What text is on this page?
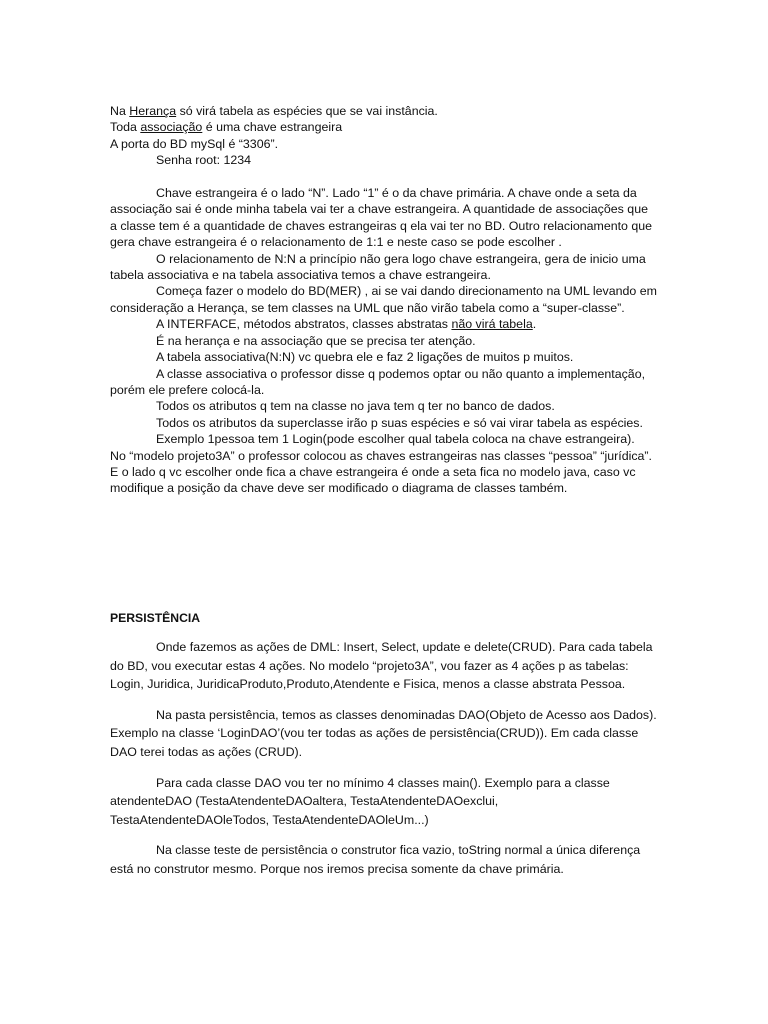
Na Herança só virá tabela as espécies que se vai instância.
Toda associação é uma chave estrangeira
A porta do BD mySql é “3306”.
Senha root: 1234

Chave estrangeira é o lado “N”. Lado “1” é o da chave primária. A chave onde a seta da associação sai é onde minha tabela vai ter a chave estrangeira. A quantidade de associações que a classe tem é a quantidade de chaves estrangeiras q ela vai ter no BD. Outro relacionamento que gera chave estrangeira é o relacionamento de 1:1 e neste caso se pode escolher .

O relacionamento de N:N a princípio não gera logo chave estrangeira, gera de inicio uma tabela associativa e na tabela associativa temos a chave estrangeira.

Começa fazer o modelo do BD(MER) , ai se vai dando direcionamento na UML levando em consideração a Herança, se tem classes na UML que não virão tabela como a “super-classe”.

A INTERFACE, métodos abstratos, classes abstratas não virá tabela.

É na herança e na associação que se precisa ter atenção.

A tabela associativa(N:N) vc quebra ele e faz 2 ligações de muitos p muitos.

A classe associativa o professor disse q podemos optar ou não quanto a implementação, porém ele prefere colocá-la.

Todos os atributos q tem na classe no java tem q ter no banco de dados.

Todos os atributos da superclasse irão p suas espécies e só vai virar tabela as espécies.

Exemplo 1pessoa tem 1 Login(pode escolher qual tabela coloca na chave estrangeira).

No “modelo projeto3A” o professor colocou as chaves estrangeiras nas classes “pessoa” “jurídica”. E o lado q vc escolher onde fica a chave estrangeira é onde a seta fica no modelo java, caso vc modifique a posição da chave deve ser modificado o diagrama de classes também.

PERSISTÊNCIA

Onde fazemos as ações de DML: Insert, Select, update e delete(CRUD). Para cada tabela do BD, vou executar estas 4 ações. No modelo “projeto3A”, vou fazer as 4 ações p as tabelas: Login, Juridica, JuridicaProduto,Produto,Atendente e Fisica, menos a classe abstrata Pessoa.

Na pasta persistência, temos as classes denominadas DAO(Objeto de Acesso aos Dados). Exemplo na classe ‘LoginDAO’(vou ter todas as ações de persistência(CRUD)). Em cada classe DAO terei todas as ações (CRUD).

Para cada classe DAO vou ter no mínimo 4 classes main(). Exemplo para a classe atendenteDAO (TestaAtendenteDAOaltera, TestaAtendenteDAOexclui, TestaAtendenteDAOleTodos, TestaAtendenteDAOleUm...)

Na classe teste de persistência o construtor fica vazio, toString normal a única diferença está no construtor mesmo. Porque nos iremos precisa somente da chave primária.
